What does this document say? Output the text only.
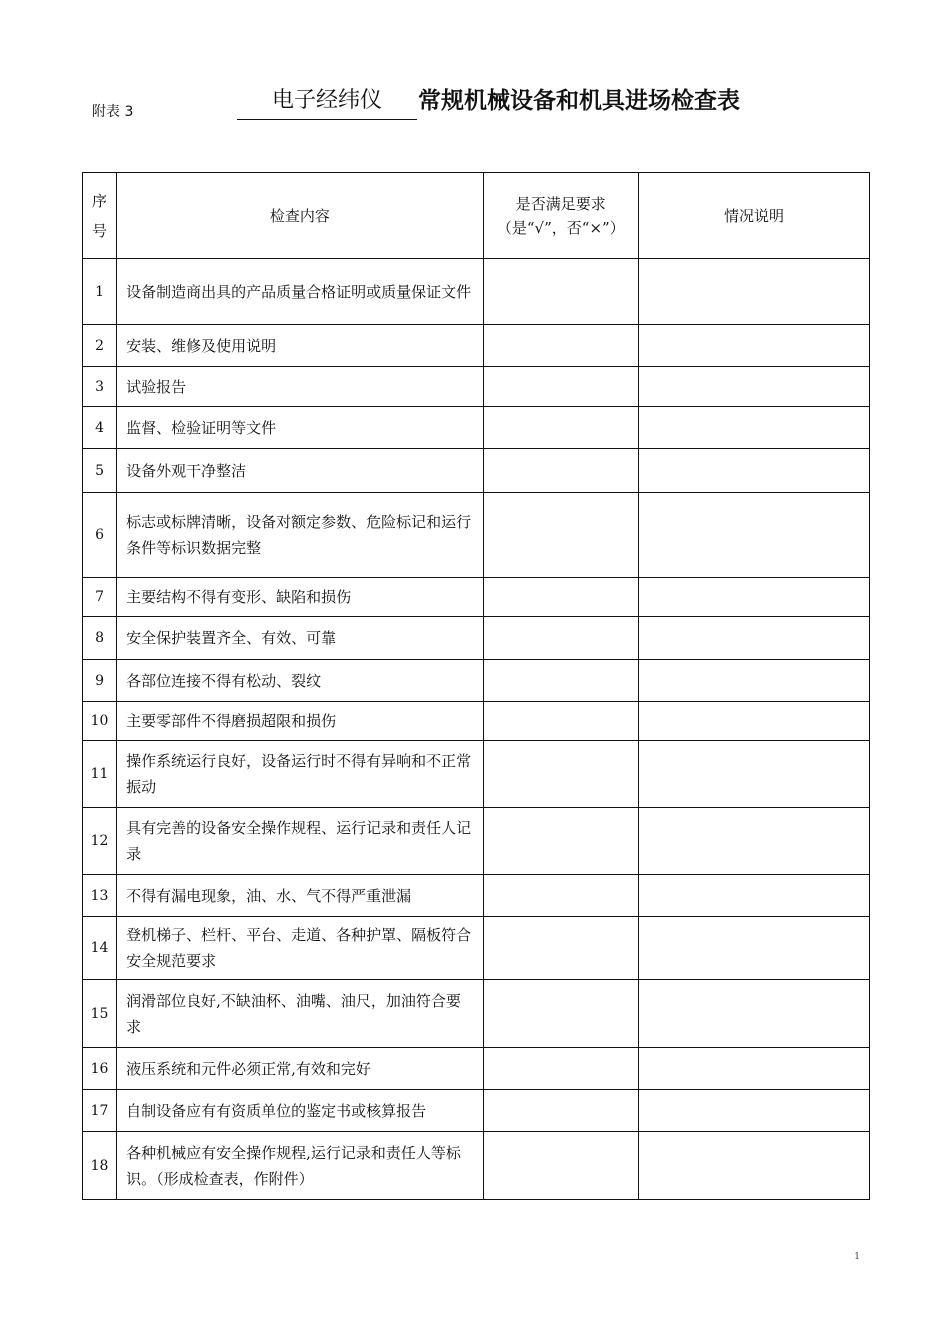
附表 3	电子经纬仪	常规机械设备和机具进场检查表
序号	检查内容	是否满足要求（是“√”，否“×”）	情况说明
1	设备制造商出具的产品质量合格证明或质量保证文件		
2	安装、维修及使用说明		
3	试验报告		
4	监督、检验证明等文件		
5	设备外观干净整洁		
6	标志或标牌清晰，设备对额定参数、危险标记和运行条件等标识数据完整		
7	主要结构不得有变形、缺陷和损伤		
8	安全保护装置齐全、有效、可靠		
9	各部位连接不得有松动、裂纹		
10	主要零部件不得磨损超限和损伤		
11	操作系统运行良好，设备运行时不得有异响和不正常振动		
12	具有完善的设备安全操作规程、运行记录和责任人记录		
13	不得有漏电现象，油、水、气不得严重泄漏		
14	登机梯子、栏杆、平台、走道、各种护罩、隔板符合安全规范要求		
15	润滑部位良好,不缺油杯、油嘴、油尺，加油符合要求		
16	液压系统和元件必须正常,有效和完好		
17	自制设备应有有资质单位的鉴定书或核算报告		
18	各种机械应有安全操作规程,运行记录和责任人等标识。（形成检查表，作附件）		
1
